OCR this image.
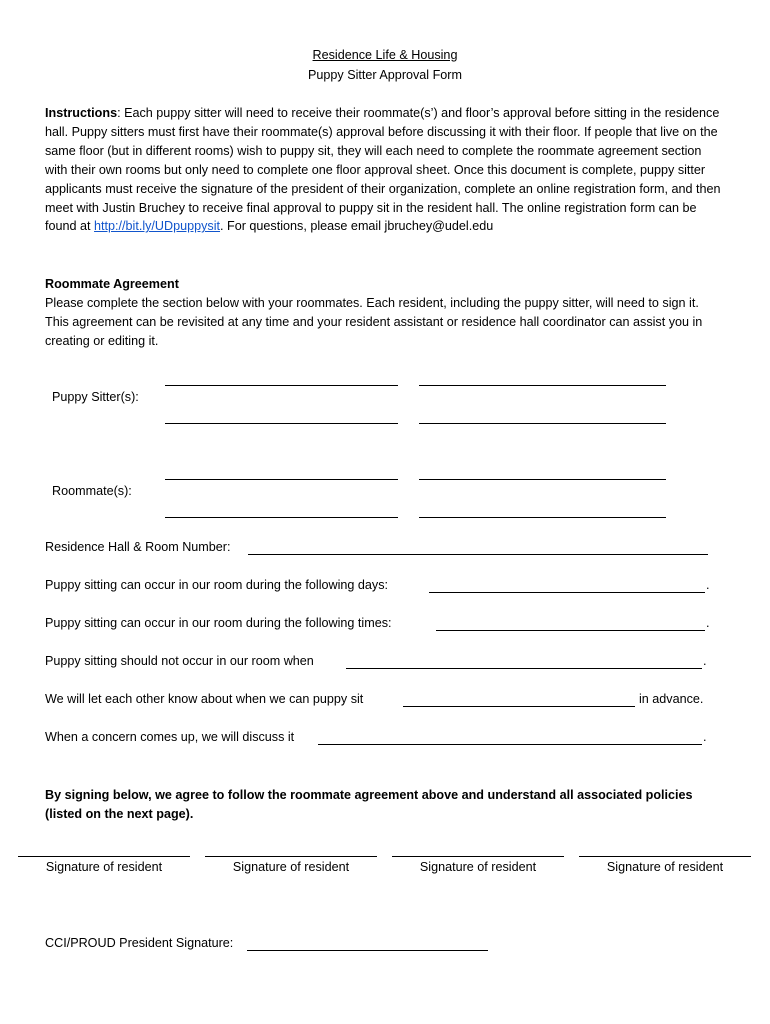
Residence Life & Housing
Puppy Sitter Approval Form
Instructions: Each puppy sitter will need to receive their roommate(s’) and floor’s approval before sitting in the residence hall. Puppy sitters must first have their roommate(s) approval before discussing it with their floor. If people that live on the same floor (but in different rooms) wish to puppy sit, they will each need to complete the roommate agreement section with their own rooms but only need to complete one floor approval sheet. Once this document is complete, puppy sitter applicants must receive the signature of the president of their organization, complete an online registration form, and then meet with Justin Bruchey to receive final approval to puppy sit in the resident hall. The online registration form can be found at http://bit.ly/UDpuppysit. For questions, please email jbruchey@udel.edu
Roommate Agreement
Please complete the section below with your roommates. Each resident, including the puppy sitter, will need to sign it. This agreement can be revisited at any time and your resident assistant or residence hall coordinator can assist you in creating or editing it.
Puppy Sitter(s):
Roommate(s):
Residence Hall & Room Number:
Puppy sitting can occur in our room during the following days:	.
Puppy sitting can occur in our room during the following times:	.
Puppy sitting should not occur in our room when	.
We will let each other know about when we can puppy sit	in advance.
When a concern comes up, we will discuss it	.
By signing below, we agree to follow the roommate agreement above and understand all associated policies (listed on the next page).
Signature of resident	Signature of resident	Signature of resident	Signature of resident
CCI/PROUD President Signature:
